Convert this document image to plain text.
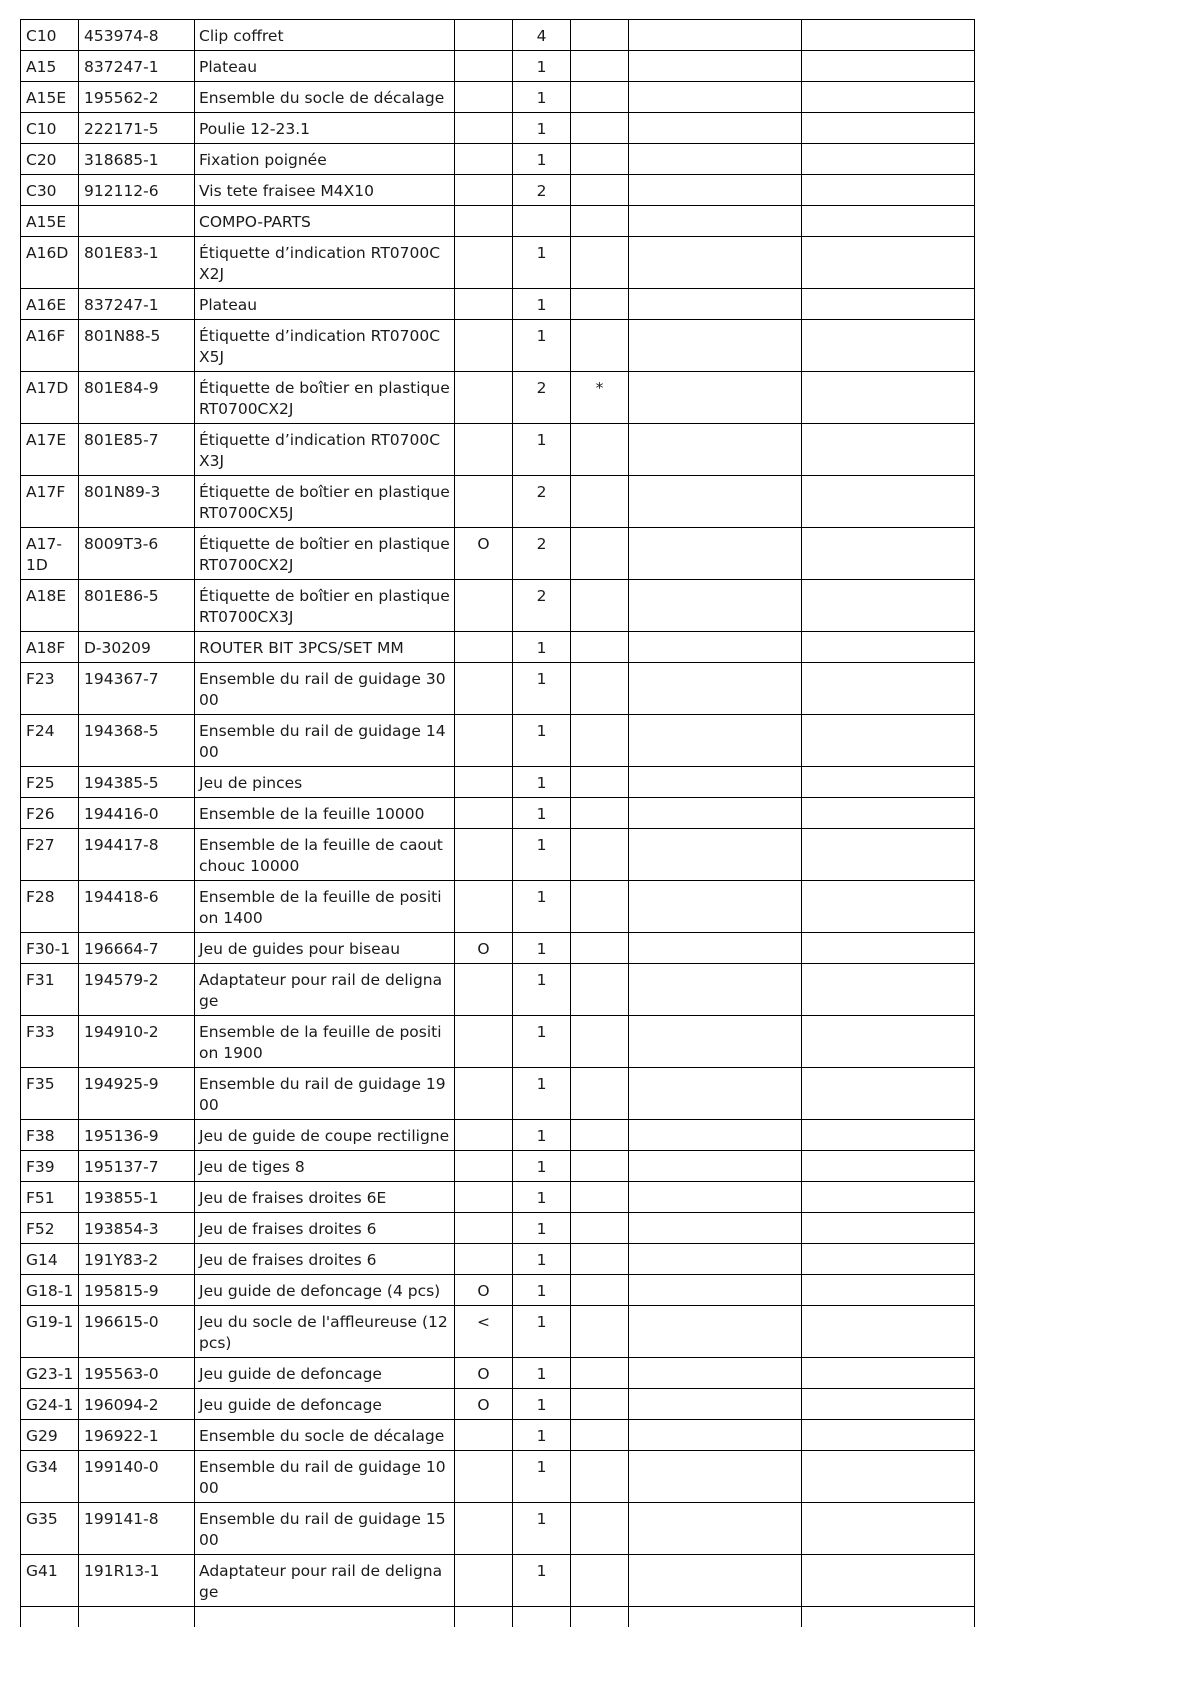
C10	453974-8	Clip coffret		4			
A15	837247-1	Plateau		1			
A15E	195562-2	Ensemble du socle de décalage		1			
C10	222171-5	Poulie 12-23.1		1			
C20	318685-1	Fixation poignée		1			
C30	912112-6	Vis tete fraisee M4X10		2			
A15E		COMPO-PARTS					
A16D	801E83-1	Étiquette d’indication RT0700CX2J		1			
A16E	837247-1	Plateau		1			
A16F	801N88-5	Étiquette d’indication RT0700CX5J		1			
A17D	801E84-9	Étiquette de boîtier en plastique RT0700CX2J		2	*		
A17E	801E85-7	Étiquette d’indication RT0700CX3J		1			
A17F	801N89-3	Étiquette de boîtier en plastique RT0700CX5J		2			
A17-1D	8009T3-6	Étiquette de boîtier en plastique RT0700CX2J	O	2			
A18E	801E86-5	Étiquette de boîtier en plastique RT0700CX3J		2			
A18F	D-30209	ROUTER BIT 3PCS/SET MM		1			
F23	194367-7	Ensemble du rail de guidage 3000		1			
F24	194368-5	Ensemble du rail de guidage 1400		1			
F25	194385-5	Jeu de pinces		1			
F26	194416-0	Ensemble de la feuille 10000		1			
F27	194417-8	Ensemble de la feuille de caoutchouc 10000		1			
F28	194418-6	Ensemble de la feuille de position 1400		1			
F30-1	196664-7	Jeu de guides pour biseau	O	1			
F31	194579-2	Adaptateur pour rail de delignage		1			
F33	194910-2	Ensemble de la feuille de position 1900		1			
F35	194925-9	Ensemble du rail de guidage 1900		1			
F38	195136-9	Jeu de guide de coupe rectiligne		1			
F39	195137-7	Jeu de tiges 8		1			
F51	193855-1	Jeu de fraises droites 6E		1			
F52	193854-3	Jeu de fraises droites 6		1			
G14	191Y83-2	Jeu de fraises droites 6		1			
G18-1	195815-9	Jeu guide de defoncage (4 pcs)	O	1			
G19-1	196615-0	Jeu du socle de l'affleureuse (12 pcs)	<	1			
G23-1	195563-0	Jeu guide de defoncage	O	1			
G24-1	196094-2	Jeu guide de defoncage	O	1			
G29	196922-1	Ensemble du socle de décalage		1			
G34	199140-0	Ensemble du rail de guidage 1000		1			
G35	199141-8	Ensemble du rail de guidage 1500		1			
G41	191R13-1	Adaptateur pour rail de delignage		1			
